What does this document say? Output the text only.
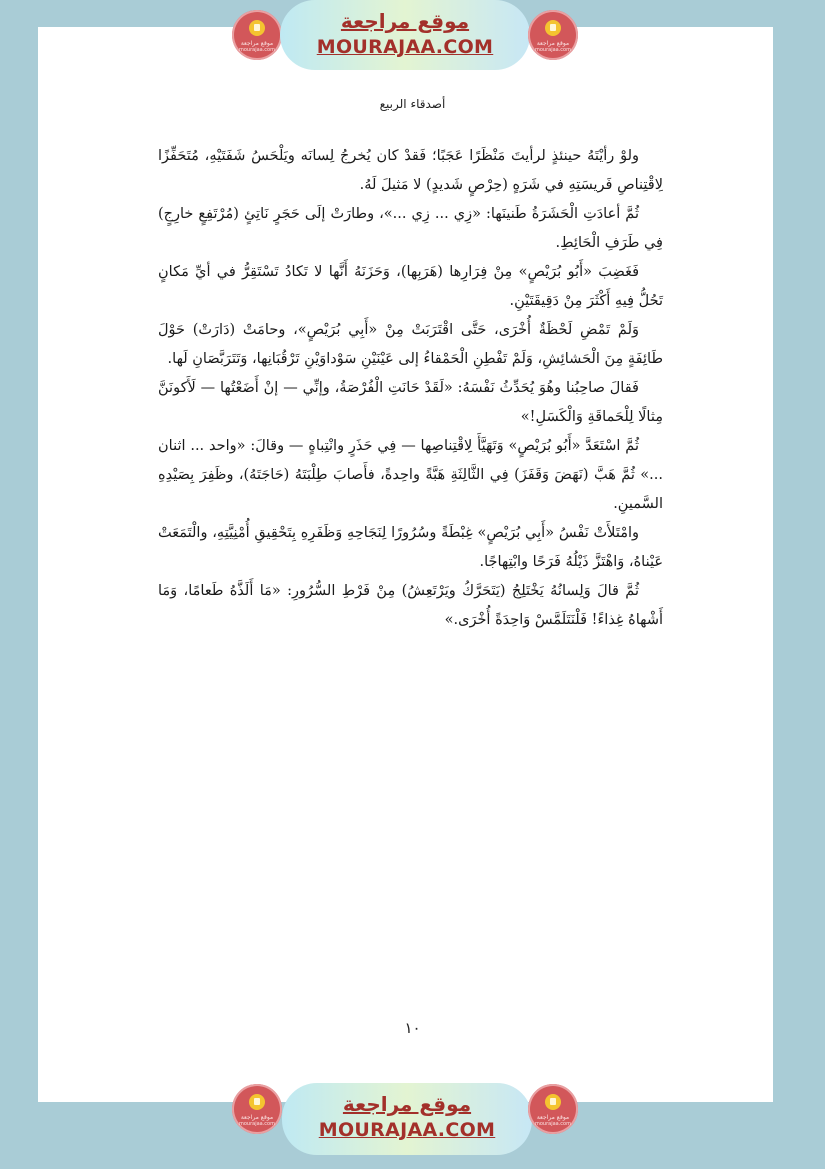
موقع مراجعة
mourajaa.com
موقع مراجعة
MOURAJAA.COM	موقع مراجعة
mourajaa.com
أصدقاء الربيع

ولوْ رأيْتَهُ حينئذٍ لرأيتَ مَنْظَرًا عَجَبًا؛ فَقدْ كان يُخرجُ لِسانَه ويَلْحَسُ شَفَتَيْهِ، مُتَحَفِّزًا لِاقْتِناصِ فَريسَتِهِ في شَرَهٍ (حِرْصٍ شَديدٍ) لا مَثيلَ لَهُ.

ثُمَّ أعادَتِ الْحَشَرَةُ طَنينَها: «زِي ... زِي ...»، وطارَتْ إلَى حَجَرٍ نَاتِئٍ (مُرْتَفِعٍ خارِجٍ) فِي طَرَفِ الْحَائِطِ.

فَغَضِبَ «أَبُو بُرَيْصٍ» مِنْ فِرَارِها (هَرَبِها)، وَحَزَنَهُ أَنَّها لا تَكادُ تَسْتَقِرُّ في أيِّ مَكانٍ تَحُلُّ فِيهِ أَكْثَرَ مِنْ دَقِيقَتَيْنِ.

وَلَمْ تَمْضِ لَحْظَةٌ أُخْرَى، حَتَّى اقْتَرَبَتْ مِنْ «أَبِي بُرَيْصٍ»، وحامَتْ (دَارَتْ) حَوْلَ طَائِفَةٍ مِنَ الْحَشائِشِ، وَلَمْ تَفْطِنِ الْحَمْقاءُ إلى عَيْنَيْنِ سَوْداوَيْنِ تَرْقُبَانِها، وَتَتَرَبَّصَانِ لَها.

فَقالَ صاحِبُنا وهُوَ يُحَدِّثُ نَفْسَهُ: «لَقَدْ حَانَتِ الْفُرْصَةُ، وإنِّي — إنْ أَضَعْتُها — لَأَكونَنَّ مِثالًا لِلْحَماقَةِ وَالْكَسَلِ!»

ثُمَّ اسْتَعَدَّ «أَبُو بُرَيْصٍ» وَتَهَيَّأَ لِاقْتِناصِها — فِي حَذَرٍ وانْتِباهٍ — وقالَ: «واحد ... اثنان ...» ثُمَّ هَبَّ (نَهَضَ وَقَفَزَ) فِي الثَّالِثَةِ هَبَّةً واحِدةً، فأَصابَ طِلْبَتَهُ (حَاجَتَهُ)، وظَفِرَ بِصَيْدِهِ السَّمينِ.

وامْتَلأَتْ نَفْسُ «أَبِي بُرَيْصٍ» غِبْطَةً وسُرُورًا لِنَجَاحِهِ وَظَفَرِهِ بِتَحْقِيقِ أُمْنِيَّتِهِ، والْتَمَعَتْ عَيْناهُ، وَاهْتَزَّ ذَيْلُهُ فَرَحًا وابْتِهاجًا.

ثُمَّ قالَ وَلِسانُهُ يَخْتَلِجُ (يَتَحَرَّكُ ويَرْتَعِشُ) مِنْ فَرْطِ السُّرُورِ: «مَا أَلَذَّهُ طَعامًا، وَمَا أَشْهاهُ غِذاءً! فَلْنَتَلَمَّسْ وَاحِدَةً أُخْرَى.»

١٠
موقع مراجعة
mourajaa.com
موقع مراجعة
MOURAJAA.COM
موقع مراجعة
mourajaa.com
